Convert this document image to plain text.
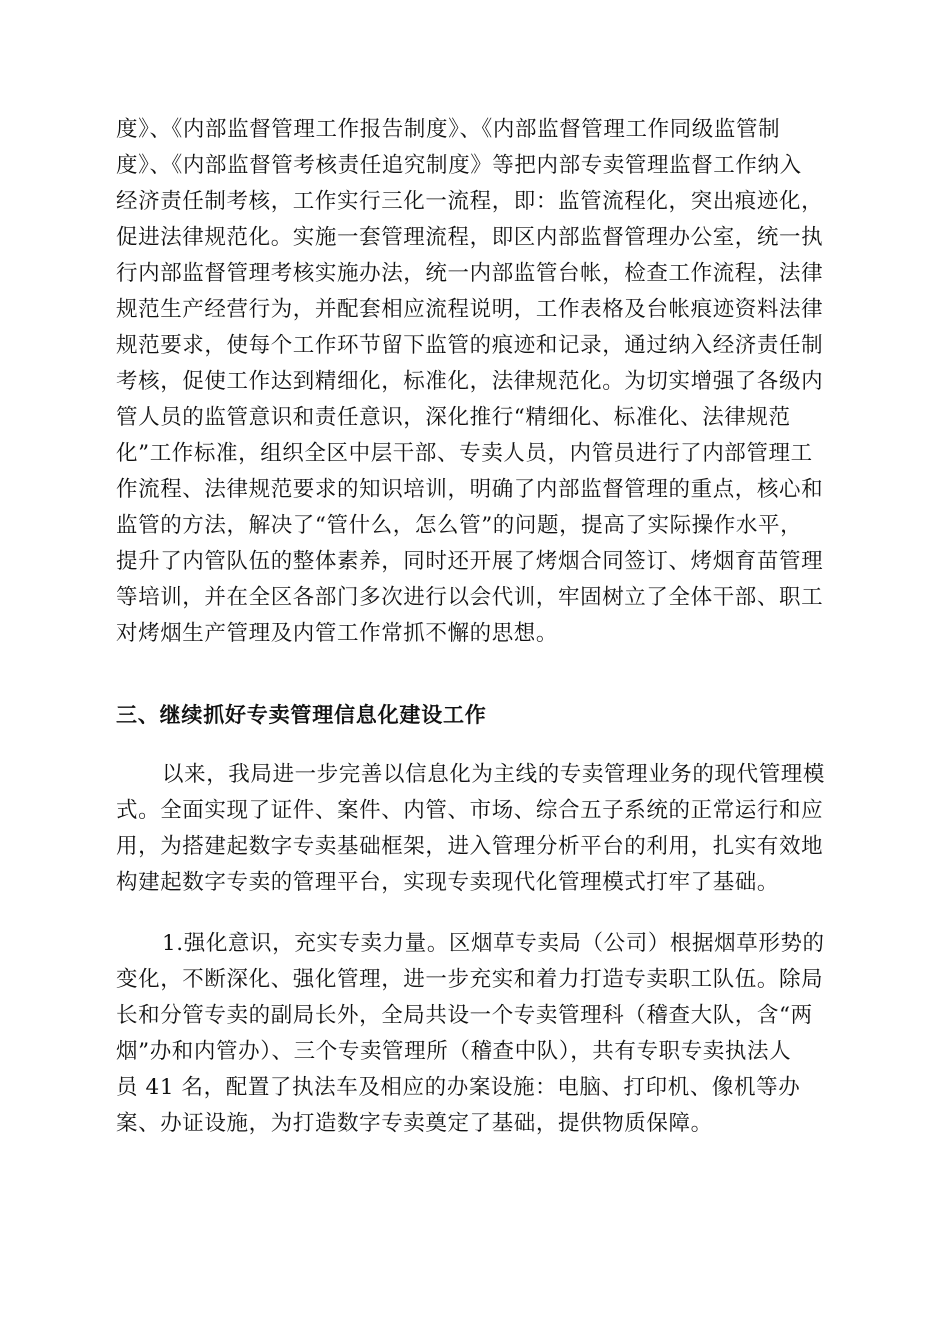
度》、《内部监督管理工作报告制度》、《内部监督管理工作同级监管制
度》、《内部监督管考核责任追究制度》等把内部专卖管理监督工作纳入
经济责任制考核，工作实行三化一流程，即：监管流程化，突出痕迹化，
促进法律规范化。实施一套管理流程，即区内部监督管理办公室，统一执
行内部监督管理考核实施办法，统一内部监管台帐，检查工作流程，法律
规范生产经营行为，并配套相应流程说明，工作表格及台帐痕迹资料法律
规范要求，使每个工作环节留下监管的痕迹和记录，通过纳入经济责任制
考核，促使工作达到精细化，标准化，法律规范化。为切实增强了各级内
管人员的监管意识和责任意识，深化推行“精细化、标准化、法律规范
化”工作标准，组织全区中层干部、专卖人员，内管员进行了内部管理工
作流程、法律规范要求的知识培训，明确了内部监督管理的重点，核心和
监管的方法，解决了“管什么，怎么管”的问题，提高了实际操作水平，
提升了内管队伍的整体素养，同时还开展了烤烟合同签订、烤烟育苗管理
等培训，并在全区各部门多次进行以会代训，牢固树立了全体干部、职工
对烤烟生产管理及内管工作常抓不懈的思想。
三、继续抓好专卖管理信息化建设工作
以来，我局进一步完善以信息化为主线的专卖管理业务的现代管理模
式。全面实现了证件、案件、内管、市场、综合五子系统的正常运行和应
用，为搭建起数字专卖基础框架，进入管理分析平台的利用，扎实有效地
构建起数字专卖的管理平台，实现专卖现代化管理模式打牢了基础。
1.强化意识，充实专卖力量。区烟草专卖局（公司）根据烟草形势的
变化，不断深化、强化管理，进一步充实和着力打造专卖职工队伍。除局
长和分管专卖的副局长外，全局共设一个专卖管理科（稽查大队，含“两
烟”办和内管办）、三个专卖管理所（稽查中队），共有专职专卖执法人
员 41 名，配置了执法车及相应的办案设施：电脑、打印机、像机等办
案、办证设施，为打造数字专卖奠定了基础，提供物质保障。
